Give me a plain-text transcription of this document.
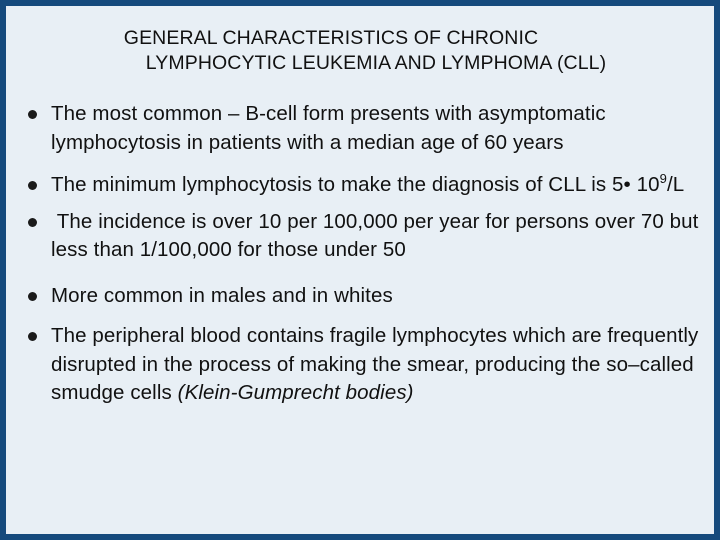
GENERAL CHARACTERISTICS OF CHRONIC
LYMPHOCYTIC LEUKEMIA AND LYMPHOMA (CLL)
The most common – B-cell form presents with asymptomatic lymphocytosis in patients with a median age of 60 years
The minimum lymphocytosis to make the diagnosis of CLL is 5• $10^9/L$
The incidence is over 10 per 100,000 per year for persons over 70 but less than 1/100,000 for those under 50
More common in males and in whites
The peripheral blood contains fragile lymphocytes which are frequently disrupted in the process of making the smear, producing the so–called smudge cells (Klein-Gumprecht bodies)
